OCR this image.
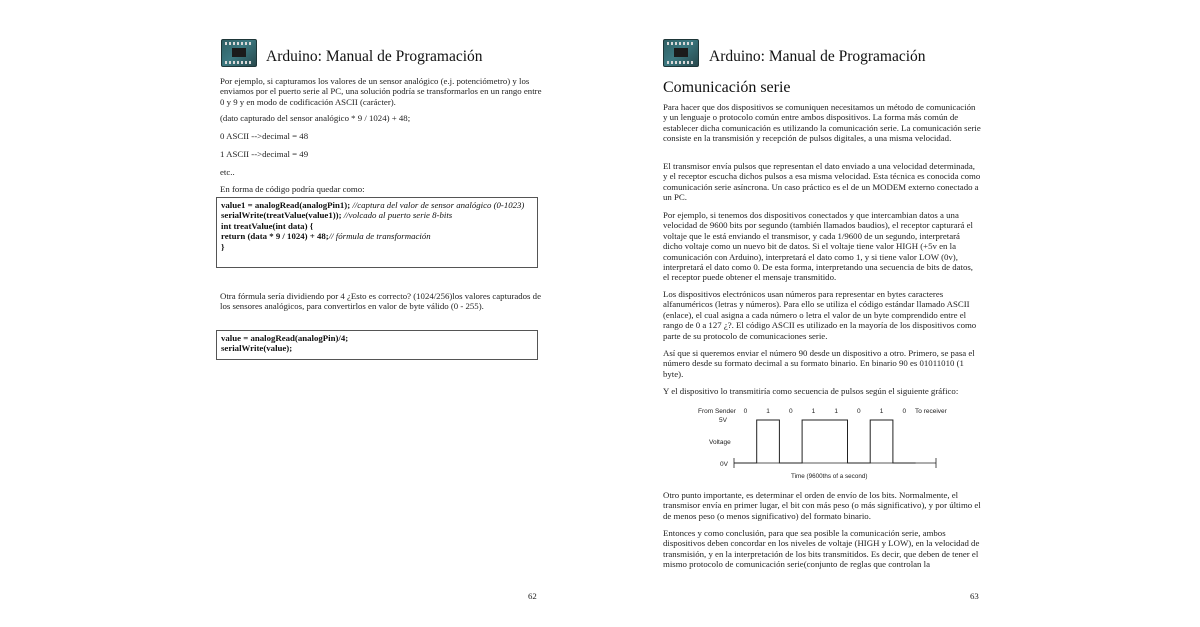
Arduino: Manual de Programación

Por ejemplo, si capturamos los valores de un sensor analógico (e.j. potenciómetro) y los enviamos por el puerto serie al PC, una solución podría se transformarlos en un rango entre 0 y 9 y en modo de codificación ASCII (carácter).

(dato capturado del sensor analógico * 9 / 1024) + 48;

0 ASCII -->decimal = 48

1 ASCII -->decimal = 49

etc..

En forma de código podría quedar como:

value1 = analogRead(analogPin1); //captura del valor de sensor analógico (0-1023)
serialWrite(treatValue(value1)); //volcado al puerto serie 8-bits
int treatValue(int data) {
return (data * 9 / 1024) + 48;// fórmula de transformación
}

Otra fórmula sería dividiendo por 4 ¿Esto es correcto? (1024/256)los valores capturados de los sensores analógicos, para convertirlos en valor de byte válido (0 - 255).

value = analogRead(analogPin)/4;
serialWrite(value);
62
Arduino: Manual de Programación
Comunicación serie

Para hacer que dos dispositivos se comuniquen necesitamos un método de comunicación y un lenguaje o protocolo común entre ambos dispositivos. La forma más común de establecer dicha comunicación es utilizando la comunicación serie. La comunicación serie consiste en la transmisión y recepción de pulsos digitales, a una misma velocidad.

El transmisor envía pulsos que representan el dato enviado a una velocidad determinada, y el receptor escucha dichos pulsos a esa misma velocidad. Esta técnica es conocida como comunicación serie asíncrona. Un caso práctico es el de un MODEM externo conectado a un PC.

Por ejemplo, si tenemos dos dispositivos conectados y que intercambian datos a una velocidad de 9600 bits por segundo (también llamados baudios), el receptor capturará el voltaje que le está enviando el transmisor, y cada 1/9600 de un segundo, interpretará dicho voltaje como un nuevo bit de datos. Si el voltaje tiene valor HIGH (+5v en la comunicación con Arduino), interpretará el dato como 1, y si tiene valor LOW (0v), interpretará el dato como 0. De esta forma, interpretando una secuencia de bits de datos, el receptor puede obtener el mensaje transmitido.

Los dispositivos electrónicos usan números para representar en bytes caracteres alfanuméricos (letras y números). Para ello se utiliza el código estándar llamado ASCII (enlace), el cual asigna a cada número o letra el valor de un byte comprendido entre el rango de 0 a 127 ¿?. El código ASCII es utilizado en la mayoría de los dispositivos como parte de su protocolo de comunicaciones serie.

Así que si queremos enviar el número 90 desde un dispositivo a otro. Primero, se pasa el número desde su formato decimal a su formato binario. En binario 90 es 01011010 (1 byte).

Y el dispositivo lo transmitiría como secuencia de pulsos según el siguiente gráfico:

From Sender	To receiver
0	1	0	1	1	0	1	0
5V
Voltage
0V
Time (9600ths of a second)

Otro punto importante, es determinar el orden de envío de los bits. Normalmente, el transmisor envía en primer lugar, el bit con más peso (o más significativo), y por último el de menos peso (o menos significativo) del formato binario.

Entonces y como conclusión, para que sea posible la comunicación serie, ambos dispositivos deben concordar en los niveles de voltaje (HIGH y LOW), en la velocidad de transmisión, y en la interpretación de los bits transmitidos. Es decir, que deben de tener el mismo protocolo de comunicación serie(conjunto de reglas que controlan la

63
